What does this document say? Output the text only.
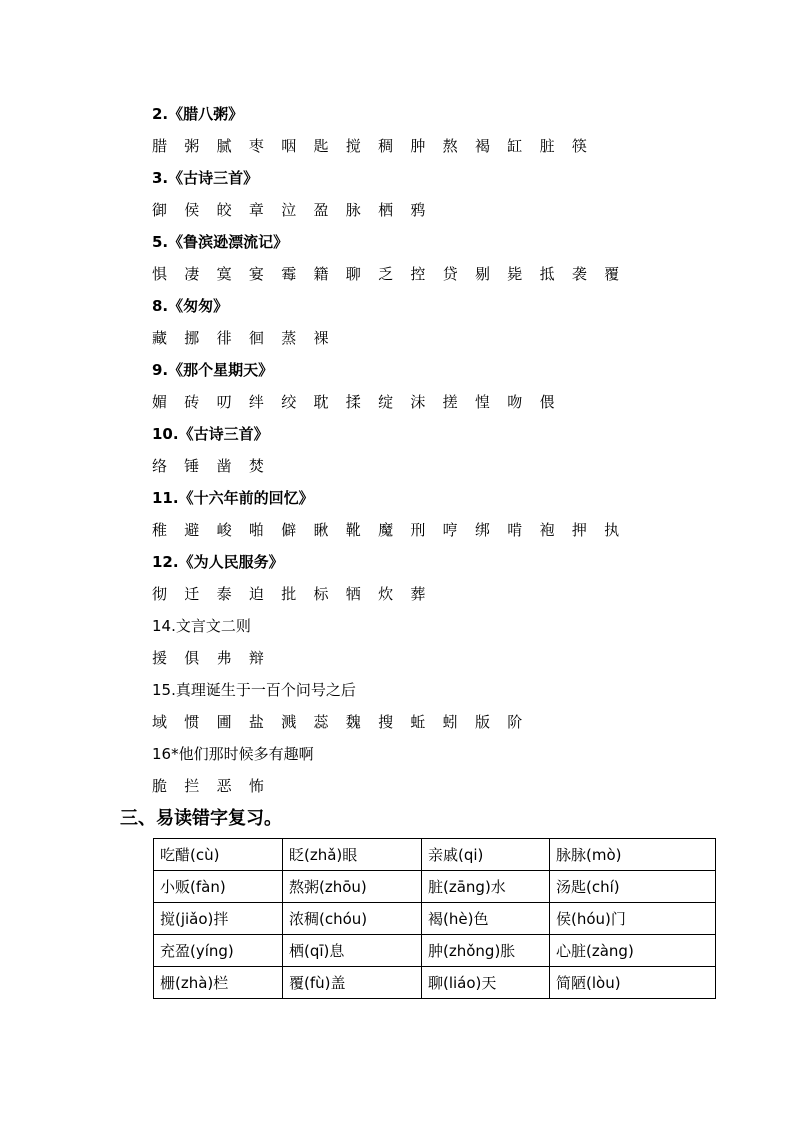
2.《腊八粥》
腊 粥 腻 枣 咽 匙 搅 稠 肿 熬 褐 缸 脏 筷
3.《古诗三首》
御 侯 皎 章 泣 盈 脉 栖 鸦
5.《鲁滨逊漂流记》
惧 凄 寞 宴 霉 籍 聊 乏 控 贷 剔 毙 抵 袭 覆
8.《匆匆》
藏 挪 徘 徊 蒸 裸
9.《那个星期天》
媚 砖 叨 绊 绞 耽 揉 绽 沫 搓 惶 吻 偎
10.《古诗三首》
络 锤 凿 焚
11.《十六年前的回忆》
稚 避 峻 啪 僻 瞅 靴 魔 刑 哼 绑 啃 袍 押 执
12.《为人民服务》
彻 迁 泰 迫 批 标 牺 炊 葬
14.文言文二则
援 俱 弗 辩
15.真理诞生于一百个问号之后
域 惯 圃 盐 溅 蕊 魏 搜 蚯 蚓 版 阶
16*他们那时候多有趣啊
脆 拦 恶 怖
三、易读错字复习。
吃醋(cù)	眨(zhǎ)眼	亲戚(qi)	脉脉(mò)
小贩(fàn)	熬粥(zhōu)	脏(zāng)水	汤匙(chí)
搅(jiǎo)拌	浓稠(chóu)	褐(hè)色	侯(hóu)门
充盈(yíng)	栖(qī)息	肿(zhǒng)胀	心脏(zàng)
栅(zhà)栏	覆(fù)盖	聊(liáo)天	简陋(lòu)
